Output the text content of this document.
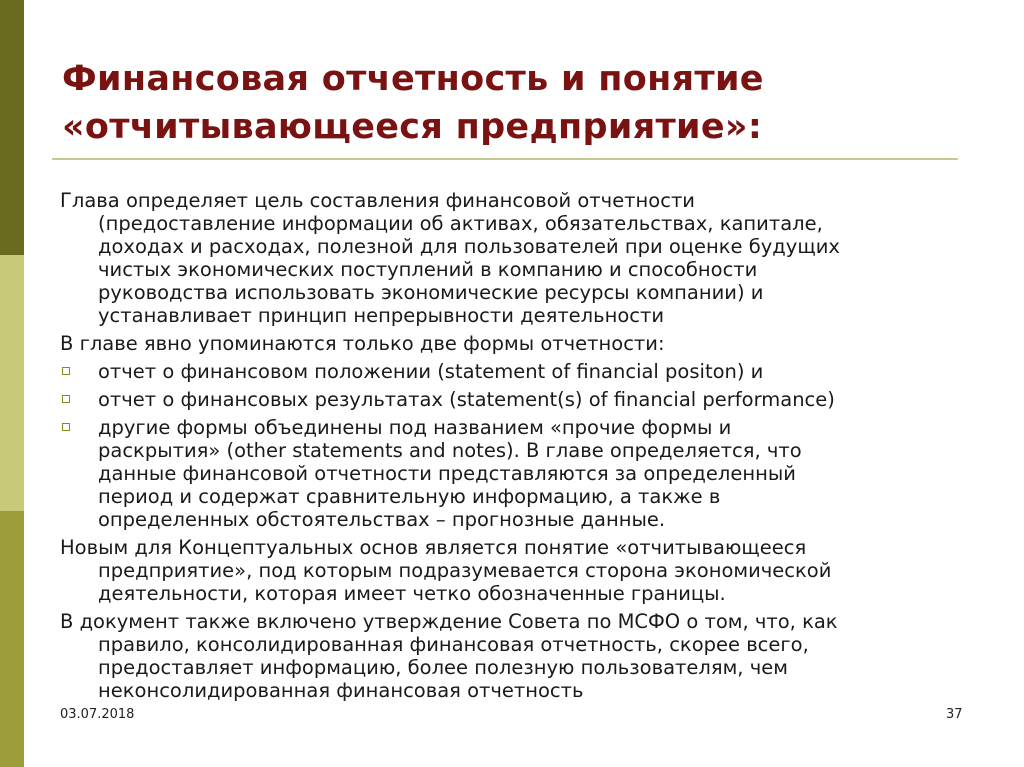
Финансовая отчетность и понятие
«отчитывающееся предприятие»:
Глава определяет цель составления финансовой отчетности
(предоставление информации об активах, обязательствах, капитале,
доходах и расходах, полезной для пользователей при оценке будущих
чистых экономических поступлений в компанию и способности
руководства использовать экономические ресурсы компании) и
устанавливает принцип непрерывности деятельности
В главе явно упоминаются только две формы отчетности:
отчет о финансовом положении (statement of financial positon) и
отчет о финансовых результатах (statement(s) of financial performance)
другие формы объединены под названием «прочие формы и
раскрытия» (other statements and notes). В главе определяется, что
данные финансовой отчетности представляются за определенный
период и содержат сравнительную информацию, а также в
определенных обстоятельствах – прогнозные данные.
Новым для Концептуальных основ является понятие «отчитывающееся
предприятие», под которым подразумевается сторона экономической
деятельности, которая имеет четко обозначенные границы.
В документ также включено утверждение Совета по МСФО о том, что, как
правило, консолидированная финансовая отчетность, скорее всего,
предоставляет информацию, более полезную пользователям, чем
неконсолидированная финансовая отчетность
03.07.2018	37
